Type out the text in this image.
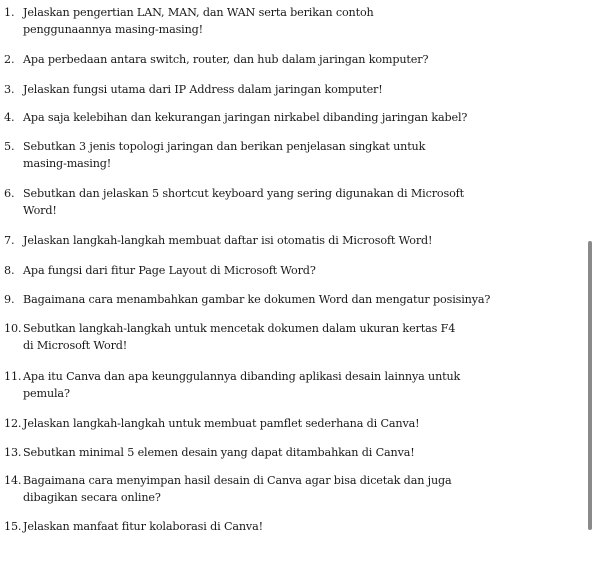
1. Jelaskan pengertian LAN, MAN, dan WAN serta berikan contoh penggunaannya masing-masing!
2. Apa perbedaan antara switch, router, dan hub dalam jaringan komputer?
3. Jelaskan fungsi utama dari IP Address dalam jaringan komputer!
4. Apa saja kelebihan dan kekurangan jaringan nirkabel dibanding jaringan kabel?
5. Sebutkan 3 jenis topologi jaringan dan berikan penjelasan singkat untuk masing-masing!
6. Sebutkan dan jelaskan 5 shortcut keyboard yang sering digunakan di Microsoft Word!
7. Jelaskan langkah-langkah membuat daftar isi otomatis di Microsoft Word!
8. Apa fungsi dari fitur Page Layout di Microsoft Word?
9. Bagaimana cara menambahkan gambar ke dokumen Word dan mengatur posisinya?
10. Sebutkan langkah-langkah untuk mencetak dokumen dalam ukuran kertas F4 di Microsoft Word!
11. Apa itu Canva dan apa keunggulannya dibanding aplikasi desain lainnya untuk pemula?
12. Jelaskan langkah-langkah untuk membuat pamflet sederhana di Canva!
13. Sebutkan minimal 5 elemen desain yang dapat ditambahkan di Canva!
14. Bagaimana cara menyimpan hasil desain di Canva agar bisa dicetak dan juga dibagikan secara online?
15. Jelaskan manfaat fitur kolaborasi di Canva!
